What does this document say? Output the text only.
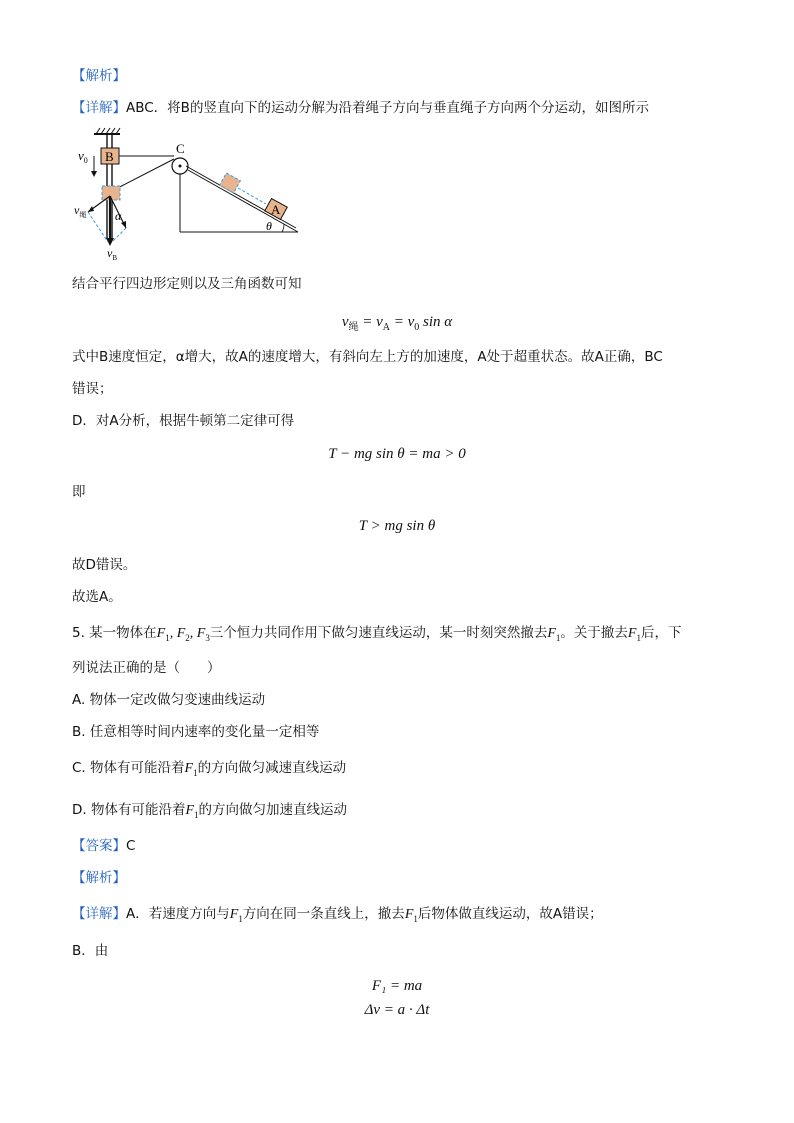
【解析】
【详解】ABC．将B的竖直向下的运动分解为沿着绳子方向与垂直绳子方向两个分运动，如图所示
B
$v_0$
C
A
θ
$v_绳$ α
$v_B$
结合平行四边形定则以及三角函数可知
$v_绳 = v_A = v_0$ sin α
式中B速度恒定，α增大，故A的速度增大，有斜向左上方的加速度，A处于超重状态。故A正确，BC
错误；
D．对A分析，根据牛顿第二定律可得
T − mg sin θ = ma > 0
即
T > mg sin θ
故D错误。
故选A。
5. 某一物体在$F_1$, $F_2$, $F_3$三个恒力共同作用下做匀速直线运动，某一时刻突然撤去$F_1$。关于撤去$F_1$后，下
列说法正确的是（　　）
A. 物体一定改做匀变速曲线运动
B. 任意相等时间内速率的变化量一定相等
C. 物体有可能沿着$F_1$的方向做匀减速直线运动
D. 物体有可能沿着$F_1$的方向做匀加速直线运动
【答案】C
【解析】
【详解】A．若速度方向与$F_1$方向在同一条直线上，撤去$F_1$后物体做直线运动，故A错误；
B．由
F₁ = ma
Δv = a · Δt
